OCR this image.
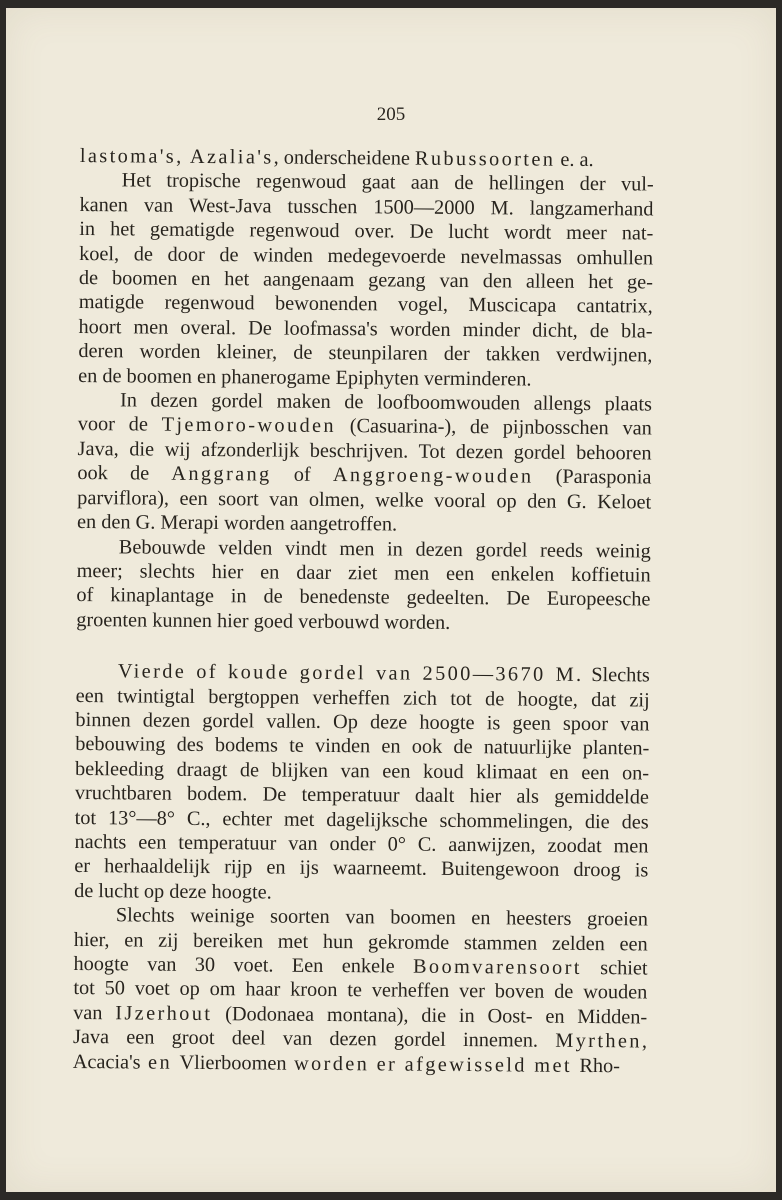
205
lastoma's, Azalia's, onderscheidene Rubussoorten e. a.
Het tropische regenwoud gaat aan de hellingen der vul-
kanen van West-Java tusschen 1500—2000 M. langzamerhand
in het gematigde regenwoud over. De lucht wordt meer nat-
koel, de door de winden medegevoerde nevelmassas omhullen
de boomen en het aangenaam gezang van den alleen het ge-
matigde regenwoud bewonenden vogel, Muscicapa cantatrix,
hoort men overal. De loofmassa's worden minder dicht, de bla-
deren worden kleiner, de steunpilaren der takken verdwijnen,
en de boomen en phanerogame Epiphyten verminderen.
In dezen gordel maken de loofboomwouden allengs plaats
voor de Tjemoro-wouden (Casuarina-), de pijnbosschen van
Java, die wij afzonderlijk beschrijven. Tot dezen gordel behooren
ook de Anggrang of Anggroeng-wouden (Parasponia
parviflora), een soort van olmen, welke vooral op den G. Keloet
en den G. Merapi worden aangetroffen.
Bebouwde velden vindt men in dezen gordel reeds weinig
meer; slechts hier en daar ziet men een enkelen koffietuin
of kinaplantage in de benedenste gedeelten. De Europeesche
groenten kunnen hier goed verbouwd worden.
Vierde of koude gordel van 2500—3670 M. Slechts
een twintigtal bergtoppen verheffen zich tot de hoogte, dat zij
binnen dezen gordel vallen. Op deze hoogte is geen spoor van
bebouwing des bodems te vinden en ook de natuurlijke planten-
bekleeding draagt de blijken van een koud klimaat en een on-
vruchtbaren bodem. De temperatuur daalt hier als gemiddelde
tot 13°—8° C., echter met dagelijksche schommelingen, die des
nachts een temperatuur van onder 0° C. aanwijzen, zoodat men
er herhaaldelijk rijp en ijs waarneemt. Buitengewoon droog is
de lucht op deze hoogte.
Slechts weinige soorten van boomen en heesters groeien
hier, en zij bereiken met hun gekromde stammen zelden een
hoogte van 30 voet. Een enkele Boomvarensoort schiet
tot 50 voet op om haar kroon te verheffen ver boven de wouden
van IJzerhout (Dodonaea montana), die in Oost- en Midden-
Java een groot deel van dezen gordel innemen. Myrthen,
Acacia's en Vlierboomen worden er afgewisseld met Rho-
